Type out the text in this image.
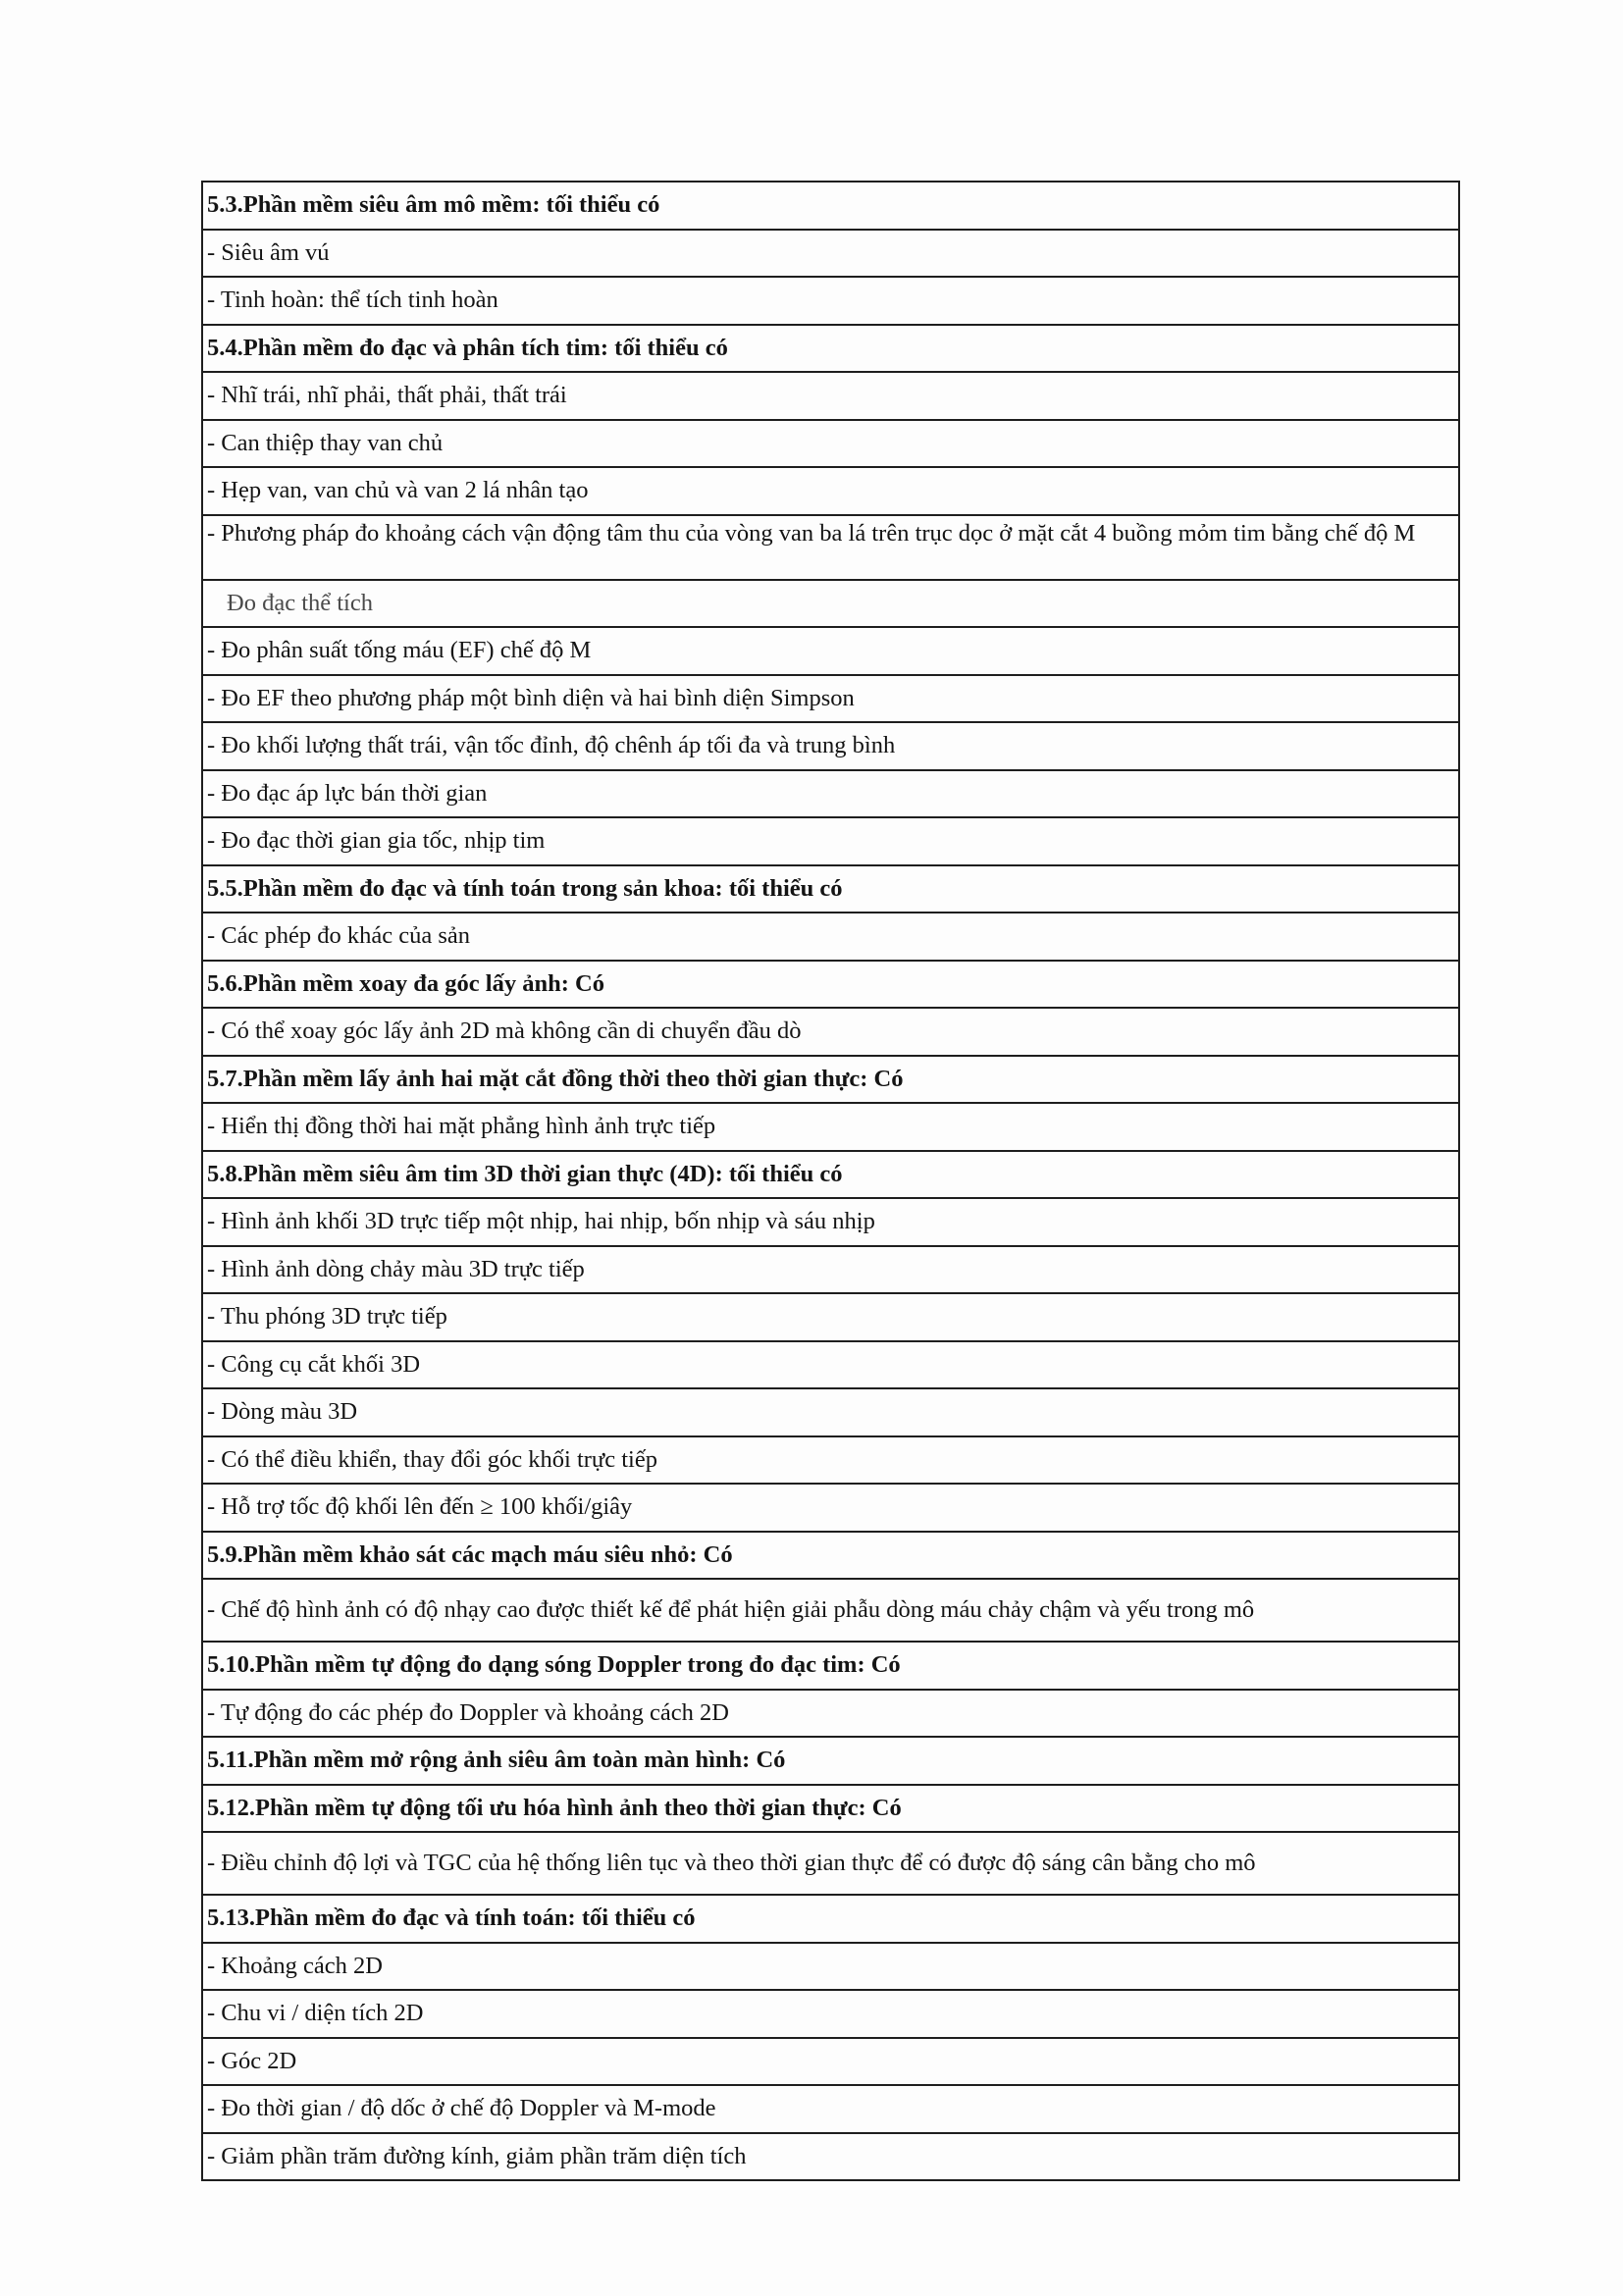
5.3.Phần mềm siêu âm mô mềm: tối thiểu có
- Siêu âm vú
- Tinh hoàn: thể tích tinh hoàn
5.4.Phần mềm đo đạc và phân tích tim: tối thiểu có
- Nhĩ trái, nhĩ phải, thất phải, thất trái
- Can thiệp thay van chủ
- Hẹp van, van chủ và van 2 lá nhân tạo
- Phương pháp đo khoảng cách vận động tâm thu của vòng van ba lá trên trục dọc ở mặt cắt 4 buồng mỏm tim bằng chế độ M
Đo đạc thể tích
- Đo phân suất tống máu (EF) chế độ M
- Đo EF theo phương pháp một bình diện và hai bình diện Simpson
- Đo khối lượng thất trái, vận tốc đỉnh, độ chênh áp tối đa và trung bình
- Đo đạc áp lực bán thời gian
- Đo đạc thời gian gia tốc, nhịp tim
5.5.Phần mềm đo đạc và tính toán trong sản khoa: tối thiểu có
- Các phép đo khác của sản
5.6.Phần mềm xoay đa góc lấy ảnh: Có
- Có thể xoay góc lấy ảnh 2D mà không cần di chuyển đầu dò
5.7.Phần mềm lấy ảnh hai mặt cắt đồng thời theo thời gian thực: Có
- Hiển thị đồng thời hai mặt phẳng hình ảnh trực tiếp
5.8.Phần mềm siêu âm tim 3D thời gian thực (4D): tối thiểu có
- Hình ảnh khối 3D trực tiếp một nhịp, hai nhịp, bốn nhịp và sáu nhịp
- Hình ảnh dòng chảy màu 3D trực tiếp
- Thu phóng 3D trực tiếp
- Công cụ cắt khối 3D
- Dòng màu 3D
- Có thể điều khiển, thay đổi góc khối trực tiếp
- Hỗ trợ tốc độ khối lên đến ≥ 100 khối/giây
5.9.Phần mềm khảo sát các mạch máu siêu nhỏ: Có
- Chế độ hình ảnh có độ nhạy cao được thiết kế để phát hiện giải phẫu dòng máu chảy chậm và yếu trong mô
5.10.Phần mềm tự động đo dạng sóng Doppler trong đo đạc tim: Có
- Tự động đo các phép đo Doppler và khoảng cách 2D
5.11.Phần mềm mở rộng ảnh siêu âm toàn màn hình: Có
5.12.Phần mềm tự động tối ưu hóa hình ảnh theo thời gian thực: Có
- Điều chỉnh độ lợi và TGC của hệ thống liên tục và theo thời gian thực để có được độ sáng cân bằng cho mô
5.13.Phần mềm đo đạc và tính toán: tối thiểu có
- Khoảng cách 2D
- Chu vi / diện tích 2D
- Góc 2D
- Đo thời gian / độ dốc ở chế độ Doppler và M-mode
- Giảm phần trăm đường kính, giảm phần trăm diện tích
